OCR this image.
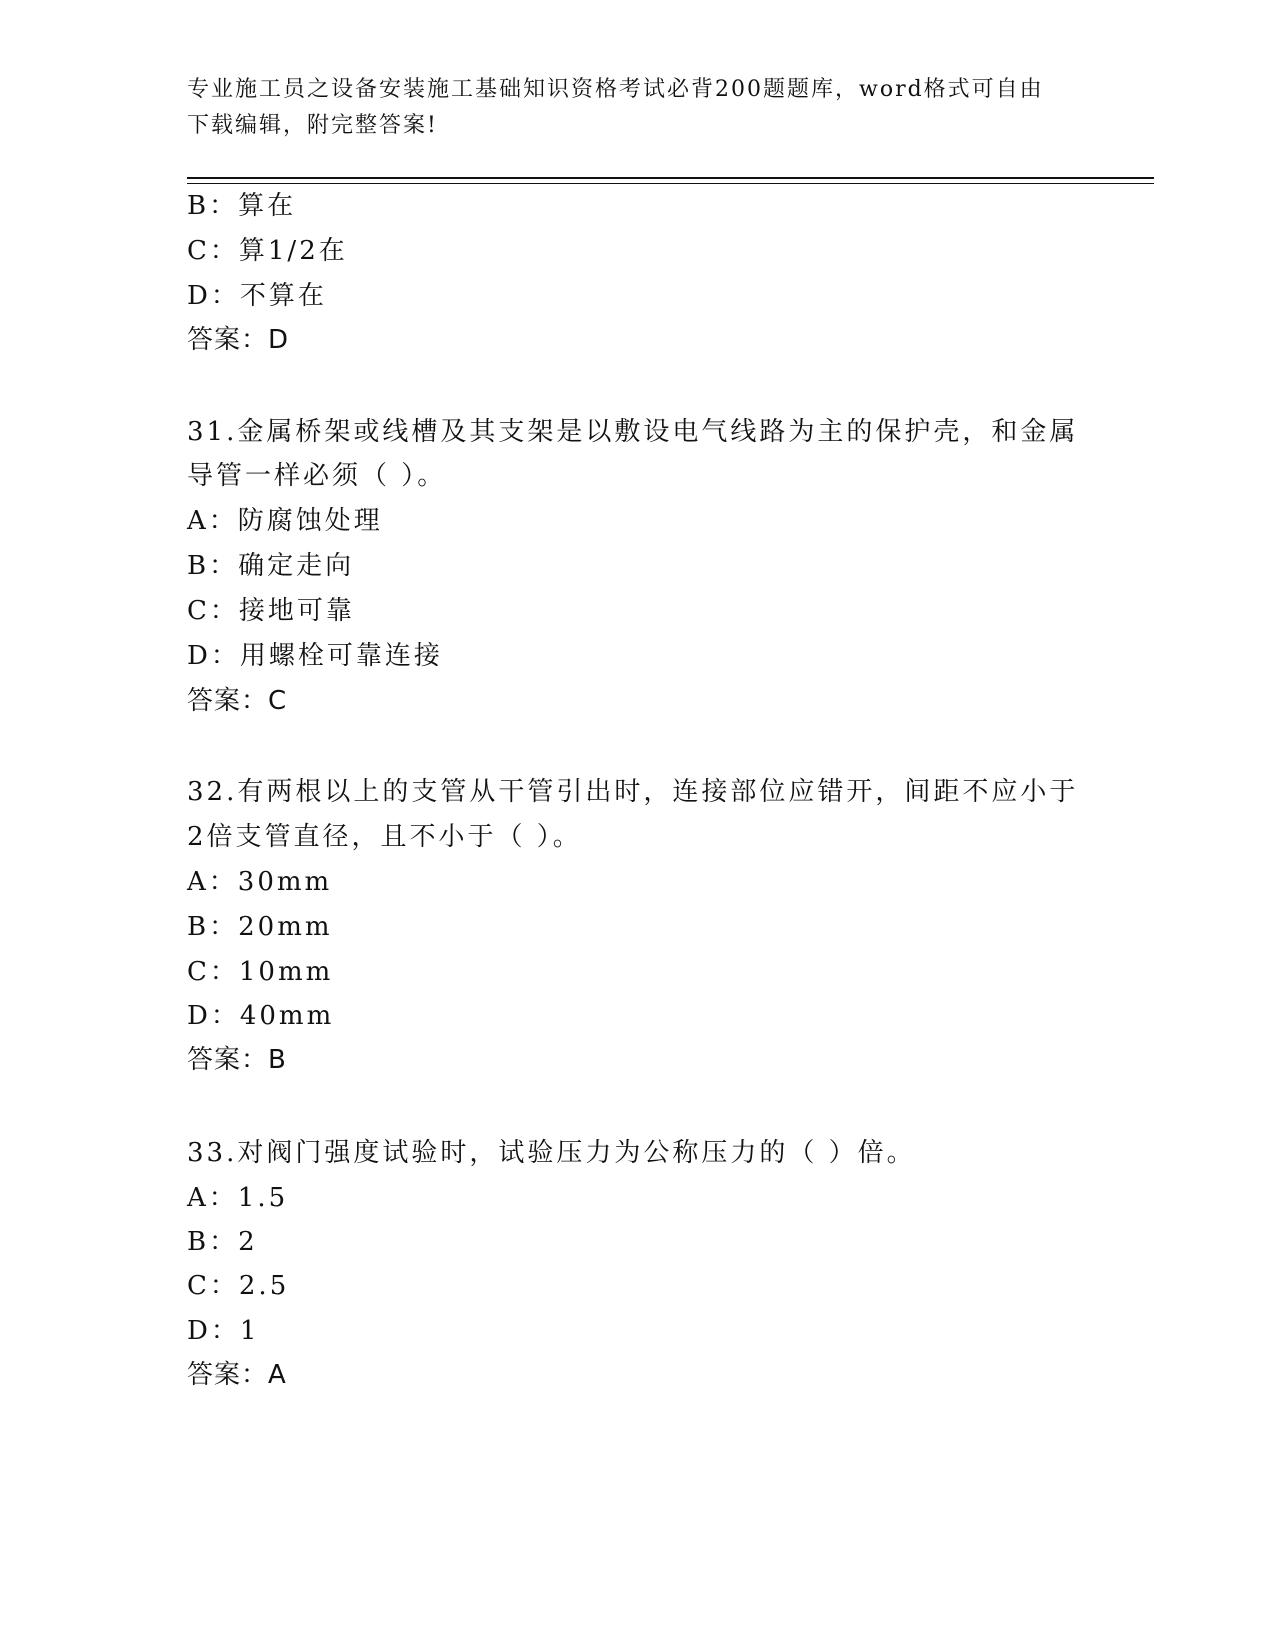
专业施工员之设备安装施工基础知识资格考试必背200题题库，word格式可自由
下载编辑，附完整答案!
B：算在
C：算1/2在
D：不算在
答案：D
31.金属桥架或线槽及其支架是以敷设电气线路为主的保护壳，和金属
导管一样必须（ ）。
A：防腐蚀处理
B：确定走向
C：接地可靠
D：用螺栓可靠连接
答案：C
32.有两根以上的支管从干管引出时，连接部位应错开，间距不应小于
2倍支管直径，且不小于（ ）。
A：30mm
B：20mm
C：10mm
D：40mm
答案：B
33.对阀门强度试验时，试验压力为公称压力的（ ）倍。
A：1.5
B：2
C：2.5
D：1
答案：A
